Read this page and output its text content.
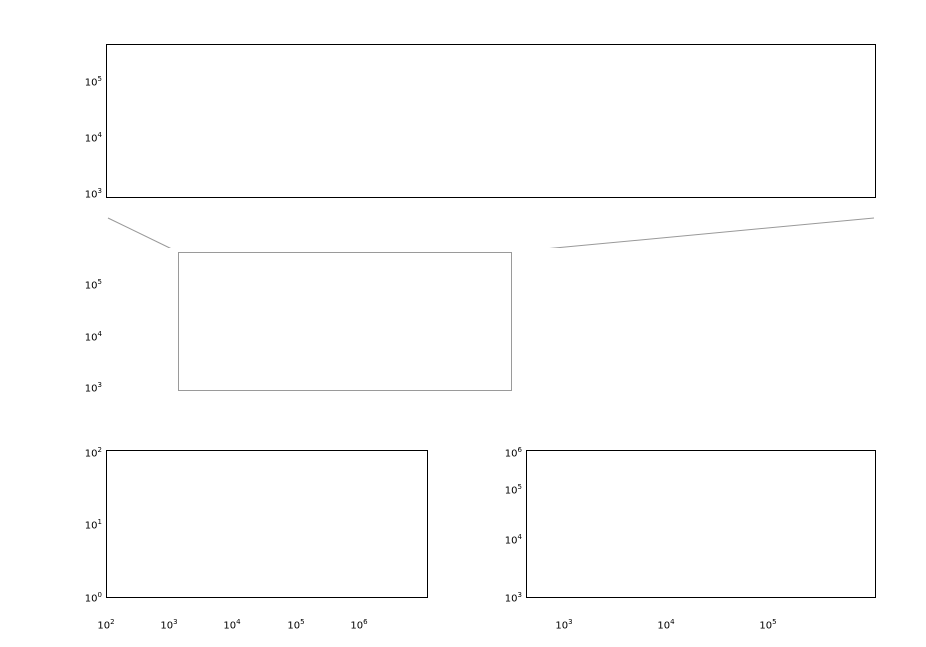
$10^5$
$10^4$
$10^3$
$10^5$
$10^4$
$10^3$
$10^2$
$10^1$
$10^0$
$10^2$	$10^3$	$10^4$	$10^5$	$10^6$
$10^6$
$10^5$
$10^4$
$10^3$
$10^3$	$10^4$	$10^5$
